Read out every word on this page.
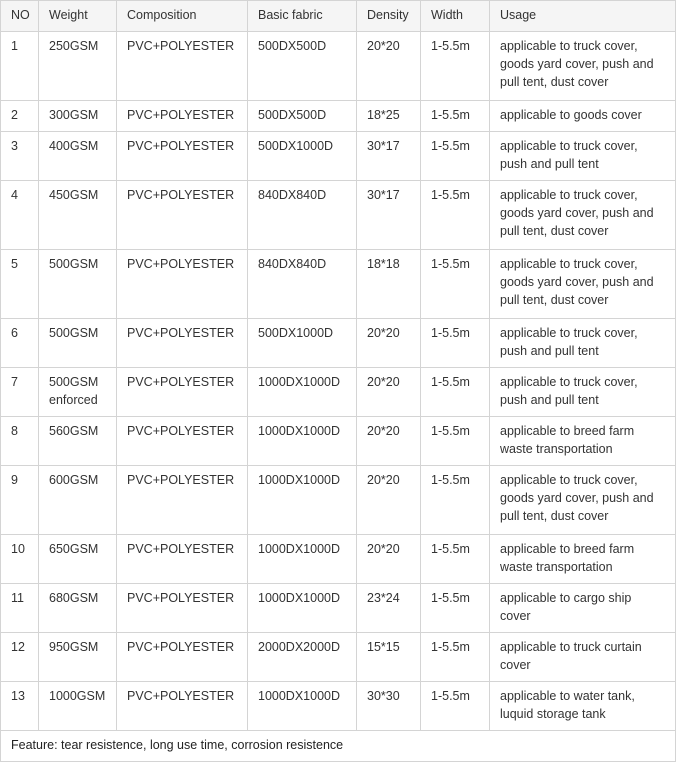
NO	Weight	Composition	Basic fabric	Density	Width	Usage
1	250GSM	PVC+POLYESTER	500DX500D	20*20	1-5.5m	applicable to truck cover, goods yard cover, push and pull tent, dust cover
2	300GSM	PVC+POLYESTER	500DX500D	18*25	1-5.5m	applicable to goods cover
3	400GSM	PVC+POLYESTER	500DX1000D	30*17	1-5.5m	applicable to truck cover, push and pull tent
4	450GSM	PVC+POLYESTER	840DX840D	30*17	1-5.5m	applicable to truck cover, goods yard cover, push and pull tent, dust cover
5	500GSM	PVC+POLYESTER	840DX840D	18*18	1-5.5m	applicable to truck cover, goods yard cover, push and pull tent, dust cover
6	500GSM	PVC+POLYESTER	500DX1000D	20*20	1-5.5m	applicable to truck cover, push and pull tent
7	500GSM enforced	PVC+POLYESTER	1000DX1000D	20*20	1-5.5m	applicable to truck cover, push and pull tent
8	560GSM	PVC+POLYESTER	1000DX1000D	20*20	1-5.5m	applicable to breed farm waste transportation
9	600GSM	PVC+POLYESTER	1000DX1000D	20*20	1-5.5m	applicable to truck cover, goods yard cover, push and pull tent, dust cover
10	650GSM	PVC+POLYESTER	1000DX1000D	20*20	1-5.5m	applicable to breed farm waste transportation
11	680GSM	PVC+POLYESTER	1000DX1000D	23*24	1-5.5m	applicable to cargo ship cover
12	950GSM	PVC+POLYESTER	2000DX2000D	15*15	1-5.5m	applicable to truck curtain cover
13	1000GSM	PVC+POLYESTER	1000DX1000D	30*30	1-5.5m	applicable to water tank, luquid storage tank
Feature: tear resistence, long use time, corrosion resistence						
